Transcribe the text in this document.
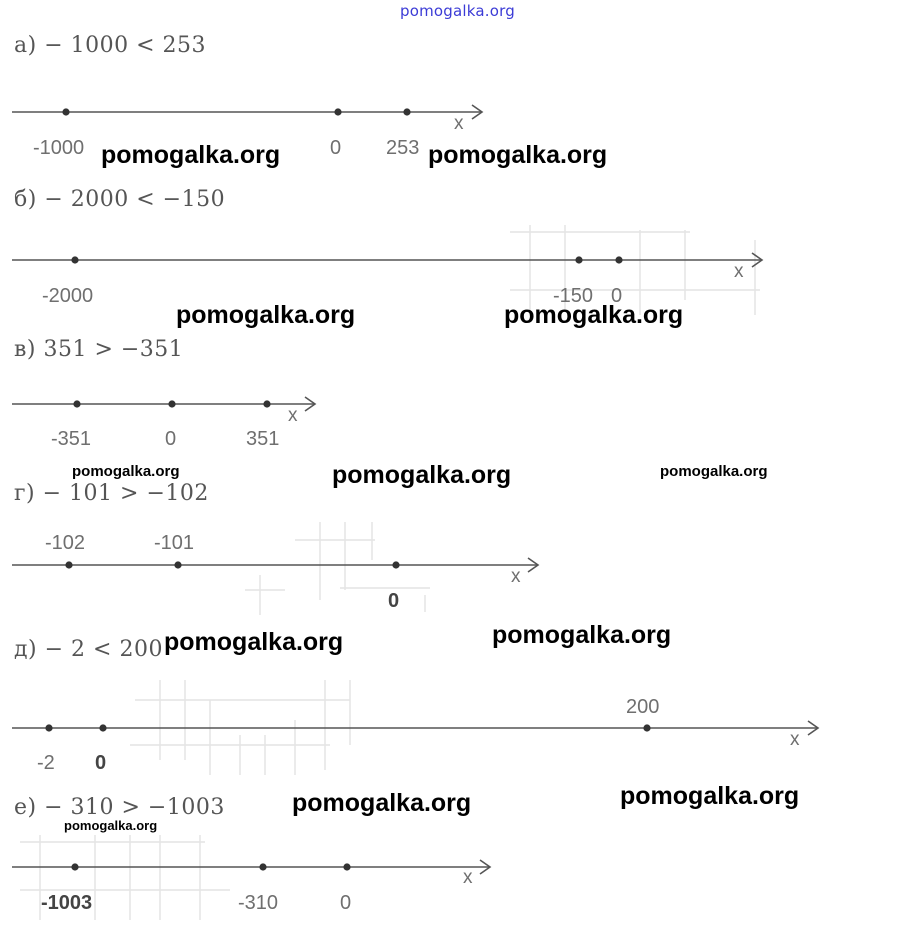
pomogalka.org
а) − 1000 < 253
-1000	0 253
x
б) − 2000 < −150
-2000	-150 0
x
в) 351 > −351
-351	0	351
x
г) − 101 > −102
-102	-101
0
x
д) − 2 < 200
-2 0
200
x
е) − 310 > −1003
-1003	-310	0
x
pomogalka.org	pomogalka.org
pomogalka.org	pomogalka.org
pomogalka.org	pomogalka.org	pomogalka.org
pomogalka.org	pomogalka.org
pomogalka.org	pomogalka.org
pomogalka.org
